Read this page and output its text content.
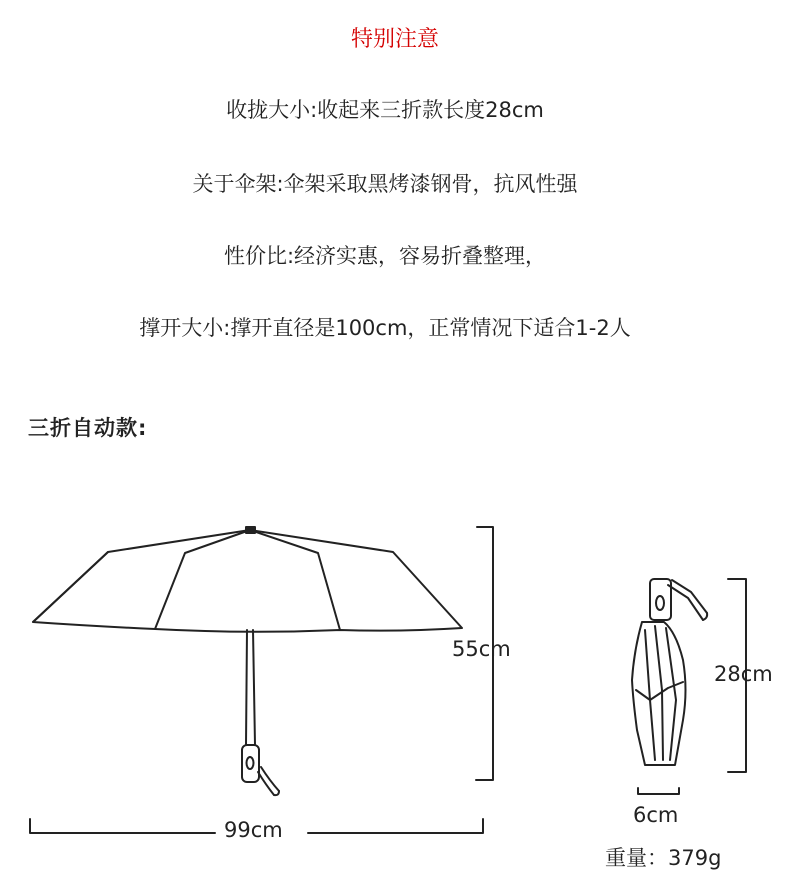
特别注意
收拢大小:收起来三折款长度28cm
关于伞架:伞架采取黑烤漆钢骨，抗风性强
性价比:经济实惠，容易折叠整理，
撑开大小:撑开直径是100cm，正常情况下适合1-2人
三折自动款:
55cm
99cm
28cm
6cm
重量：379g
